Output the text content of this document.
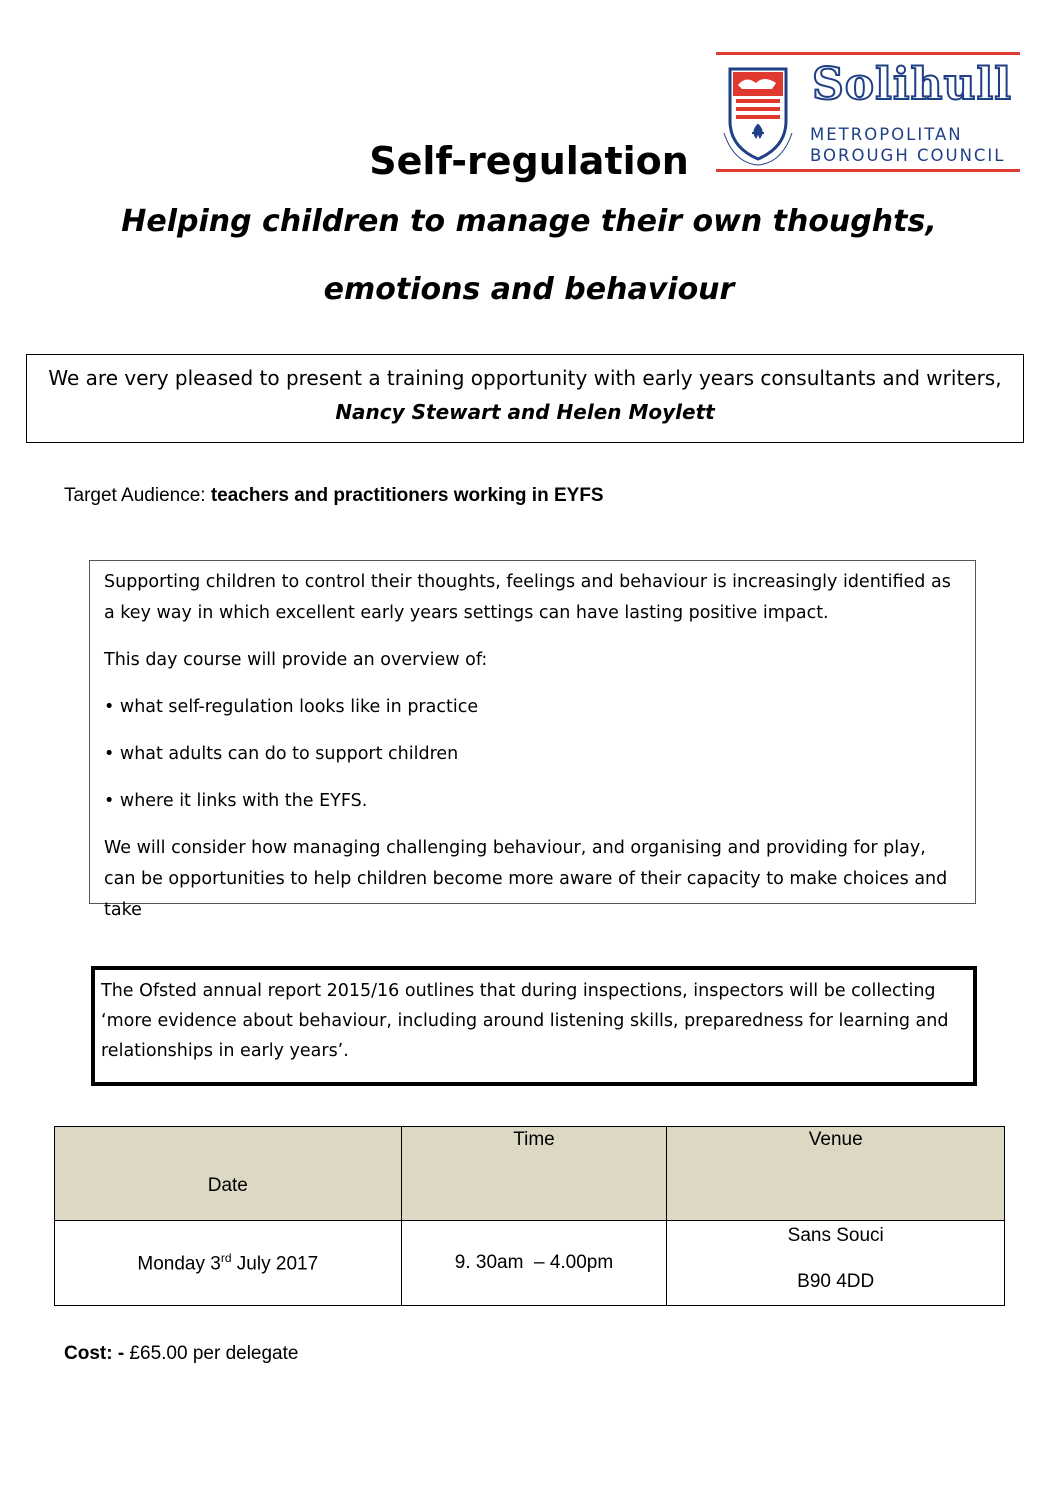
Solihull
METROPOLITAN
BOROUGH COUNCIL
Self-regulation
Helping children to manage their own thoughts,
emotions and behaviour
We are very pleased to present a training opportunity with early years consultants and writers,
Nancy Stewart and Helen Moylett
Target Audience: teachers and practitioners working in EYFS

Supporting children to control their thoughts, feelings and behaviour is increasingly identified as a key way in which excellent early years settings can have lasting positive impact.

This day course will provide an overview of:

• what self-regulation looks like in practice

• what adults can do to support children

• where it links with the EYFS.

We will consider how managing challenging behaviour, and organising and providing for play, can be opportunities to help children become more aware of their capacity to make choices and take

The Ofsted annual report 2015/16 outlines that during inspections, inspectors will be collecting ‘more evidence about behaviour, including around listening skills, preparedness for learning and relationships in early years’.
Date	Time	Venue

Monday 3rd July 2017	9. 30am  – 4.00pm	Sans Souci
B90 4DD
Cost: - £65.00 per delegate
